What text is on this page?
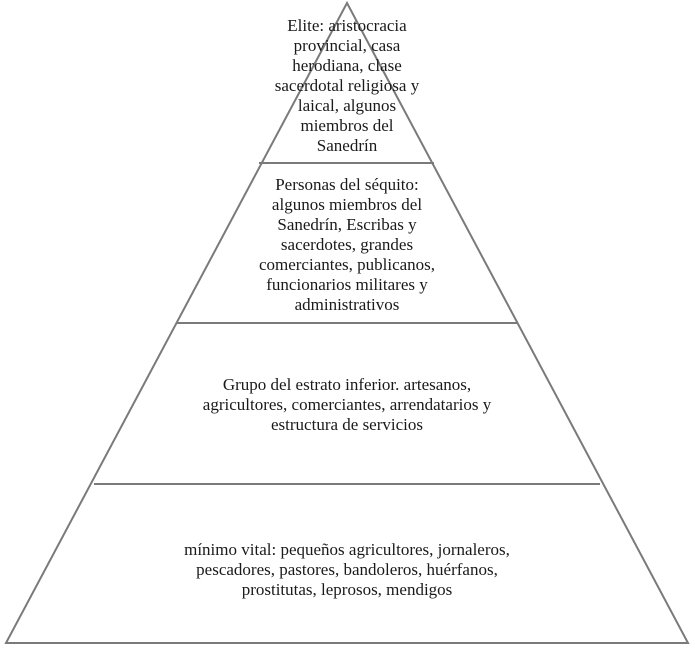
Elite: aristocracia
provincial, casa
herodiana, clase
sacerdotal religiosa y
laical, algunos
miembros del
Sanedrín
Personas del séquito:
algunos miembros del
Sanedrín, Escribas y
sacerdotes, grandes
comerciantes, publicanos,
funcionarios militares y
administrativos
Grupo del estrato inferior. artesanos,
agricultores, comerciantes, arrendatarios y
estructura de servicios
mínimo vital: pequeños agricultores, jornaleros,
pescadores, pastores, bandoleros, huérfanos,
prostitutas, leprosos, mendigos
